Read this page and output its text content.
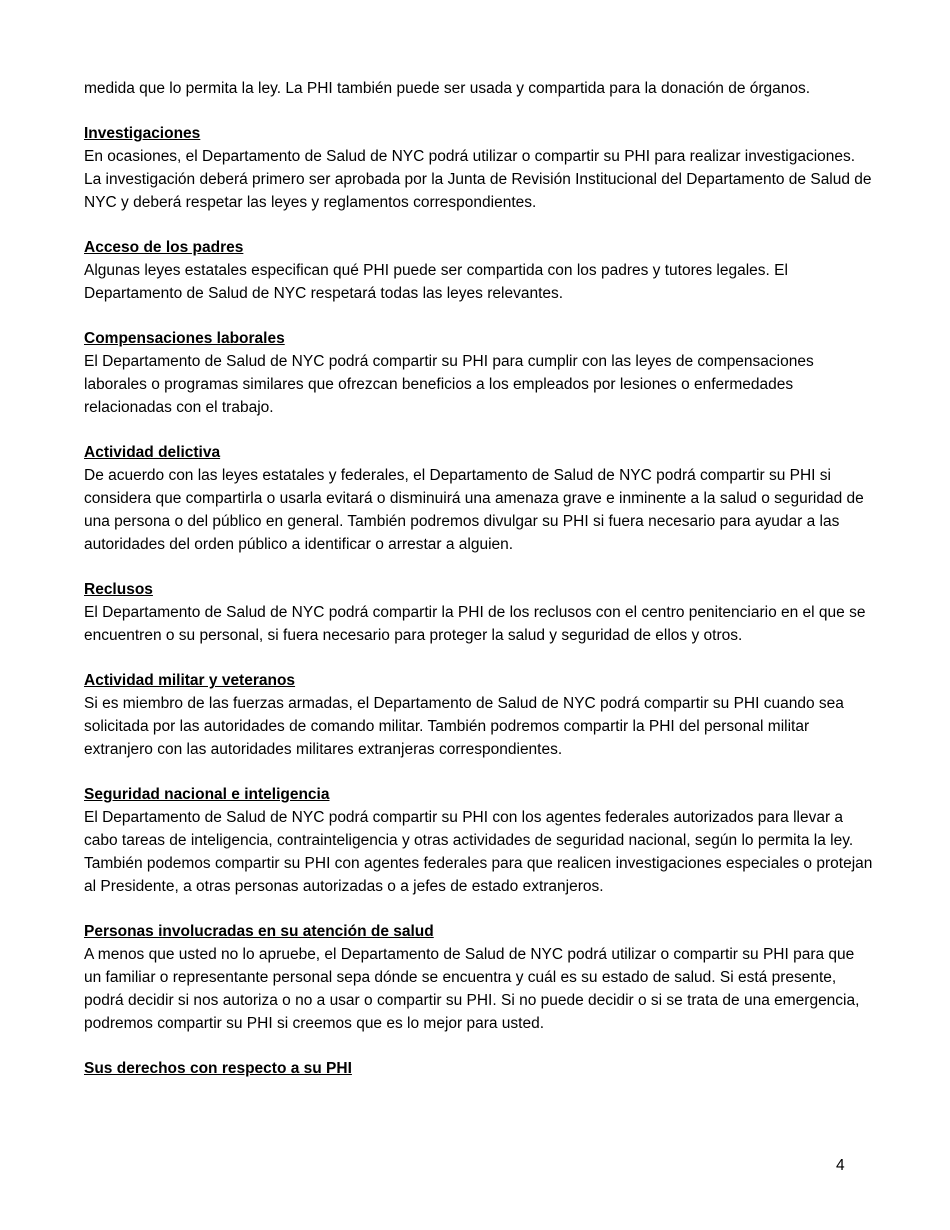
medida que lo permita la ley. La PHI también puede ser usada y compartida para la donación de órganos.

Investigaciones

En ocasiones, el Departamento de Salud de NYC podrá utilizar o compartir su PHI para realizar investigaciones. La investigación deberá primero ser aprobada por la Junta de Revisión Institucional del Departamento de Salud de NYC y deberá respetar las leyes y reglamentos correspondientes.

Acceso de los padres

Algunas leyes estatales especifican qué PHI puede ser compartida con los padres y tutores legales. El Departamento de Salud de NYC respetará todas las leyes relevantes.

Compensaciones laborales

El Departamento de Salud de NYC podrá compartir su PHI para cumplir con las leyes de compensaciones laborales o programas similares que ofrezcan beneficios a los empleados por lesiones o enfermedades relacionadas con el trabajo.

Actividad delictiva

De acuerdo con las leyes estatales y federales, el Departamento de Salud de NYC podrá compartir su PHI si considera que compartirla o usarla evitará o disminuirá una amenaza grave e inminente a la salud o seguridad de una persona o del público en general. También podremos divulgar su PHI si fuera necesario para ayudar a las autoridades del orden público a identificar o arrestar a alguien.

Reclusos

El Departamento de Salud de NYC podrá compartir la PHI de los reclusos con el centro penitenciario en el que se encuentren o su personal, si fuera necesario para proteger la salud y seguridad de ellos y otros.

Actividad militar y veteranos

Si es miembro de las fuerzas armadas, el Departamento de Salud de NYC podrá compartir su PHI cuando sea solicitada por las autoridades de comando militar. También podremos compartir la PHI del personal militar extranjero con las autoridades militares extranjeras correspondientes.

Seguridad nacional e inteligencia

El Departamento de Salud de NYC podrá compartir su PHI con los agentes federales autorizados para llevar a cabo tareas de inteligencia, contrainteligencia y otras actividades de seguridad nacional, según lo permita la ley. También podemos compartir su PHI con agentes federales para que realicen investigaciones especiales o protejan al Presidente, a otras personas autorizadas o a jefes de estado extranjeros.

Personas involucradas en su atención de salud

A menos que usted no lo apruebe, el Departamento de Salud de NYC podrá utilizar o compartir su PHI para que un familiar o representante personal sepa dónde se encuentra y cuál es su estado de salud. Si está presente, podrá decidir si nos autoriza o no a usar o compartir su PHI. Si no puede decidir o si se trata de una emergencia, podremos compartir su PHI si creemos que es lo mejor para usted.

Sus derechos con respecto a su PHI
4
